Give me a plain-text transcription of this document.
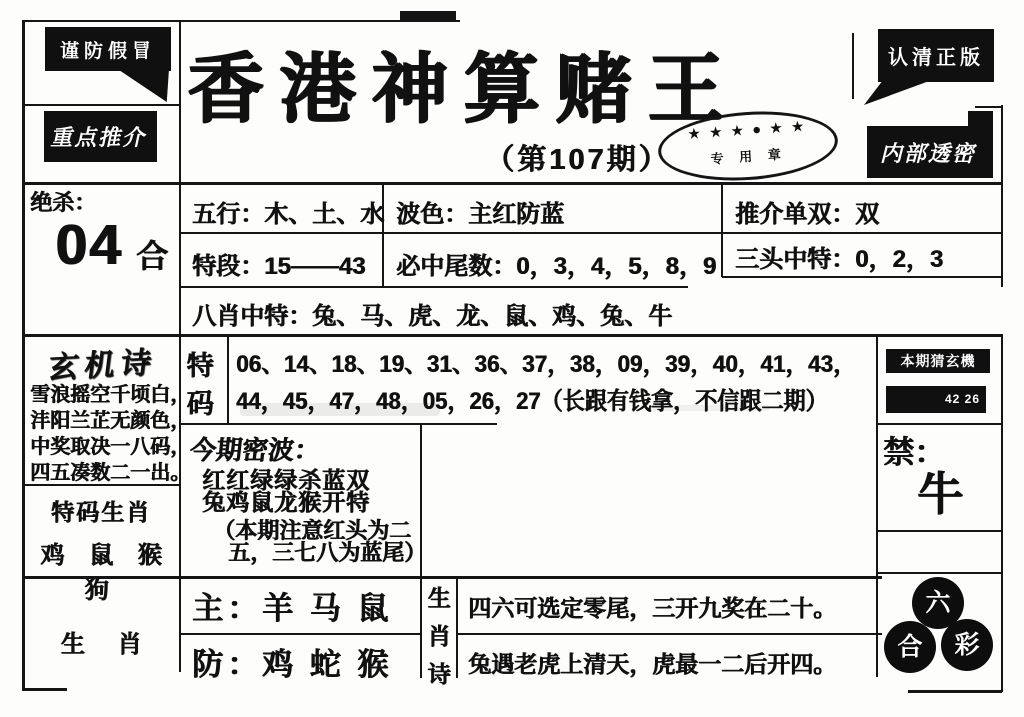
谨防假冒
重点推介
认清正版
内部透密
香港神算赌王
（第107期）
★ ★ ★ ● ★ ★
专 用 章
绝杀：
04 合
五行：木、土、水 波色：主红防蓝	推介单双：双
特段：15——43 必中尾数：0，3，4，5，8，9 三头中特：0，2，3
八肖中特：兔、马、虎、龙、鼠、鸡、兔、牛
特码
06、14、18、19、31、36、37，38，09，39，40，41，43，
44，45，47，48，05，26，27（长跟有钱拿，不信跟二期）
玄机诗
雪浪摇空千顷白，
沣阳兰芷无颜色，
中奖取决一八码，
四五凑数二一出。
今期密波：
红红绿绿杀蓝双
兔鸡鼠龙猴开特
（本期注意红头为二
五，三七八为蓝尾）
特码生肖
鸡 鼠 猴 狗
生 肖
主：羊 马 鼠
防：鸡 蛇 猴
生
肖
诗
四六可选定零尾，三开九奖在二十。
兔遇老虎上清天，虎最一二后开四。
本期猜玄機
42 26
禁：
牛
六
合	彩
